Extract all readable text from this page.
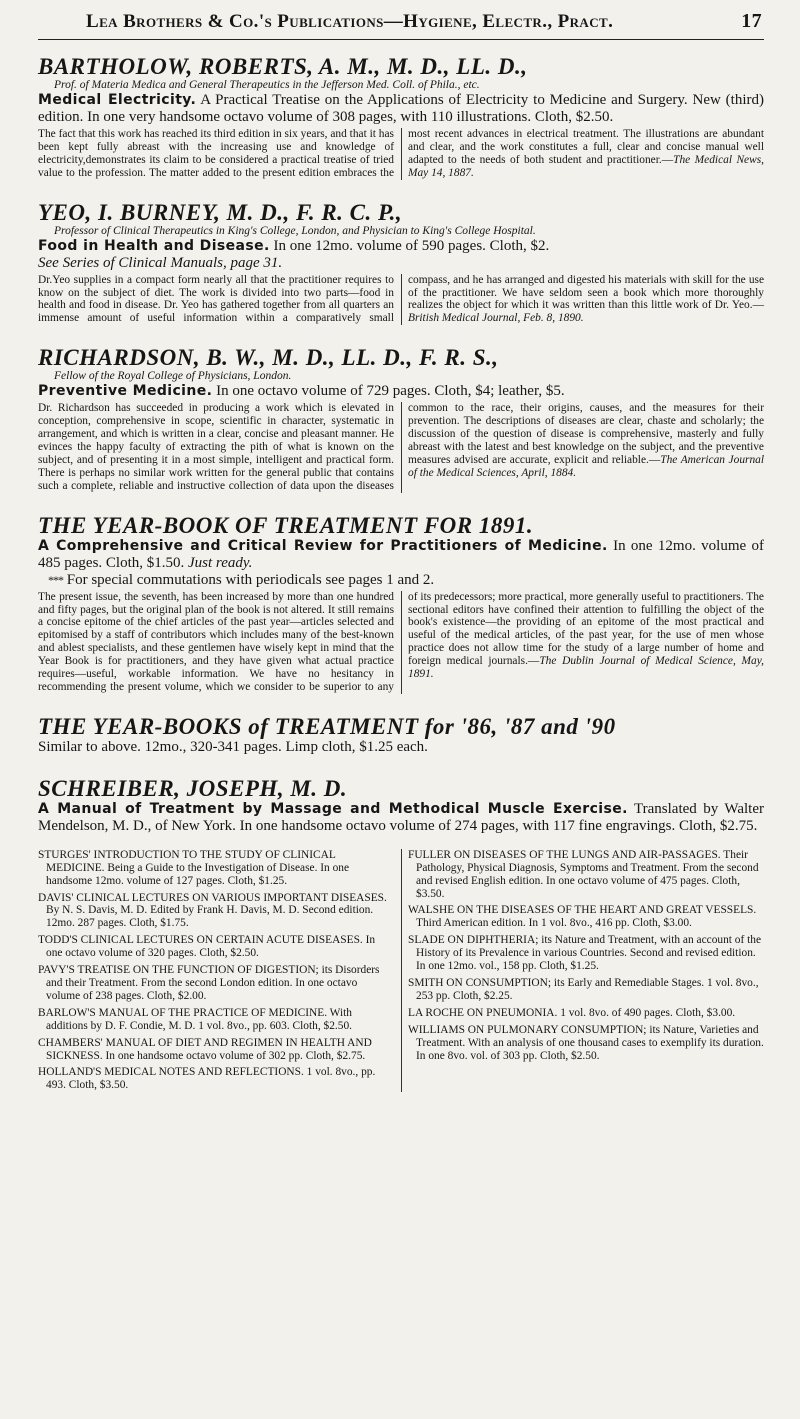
Lea Brothers & Co.'s Publications—Hygiene, Electr., Pract.	17
BARTHOLOW, ROBERTS, A. M., M. D., LL. D.,
Prof. of Materia Medica and General Therapeutics in the Jefferson Med. Coll. of Phila., etc.
Medical Electricity. A Practical Treatise on the Applications of Electricity to Medicine and Surgery. New (third) edition. In one very handsome octavo volume of 308 pages, with 110 illustrations. Cloth, $2.50.
The fact that this work has reached its third edition in six years, and that it has been kept fully abreast with the increasing use and knowledge of electricity,demonstrates its claim to be considered a practical treatise of tried value to the profession. The matter added to the present edition embraces the most recent advances in electrical treatment. The illustrations are abundant and clear, and the work constitutes a full, clear and concise manual well adapted to the needs of both student and practitioner.—The Medical News, May 14, 1887.
YEO, I. BURNEY, M. D., F. R. C. P.,
Professor of Clinical Therapeutics in King's College, London, and Physician to King's College Hospital.
Food in Health and Disease. In one 12mo. volume of 590 pages. Cloth, $2.
See Series of Clinical Manuals, page 31.
Dr.Yeo supplies in a compact form nearly all that the practitioner requires to know on the subject of diet. The work is divided into two parts—food in health and food in disease. Dr. Yeo has gathered together from all quarters an immense amount of useful information within a comparatively small compass, and he has arranged and digested his materials with skill for the use of the practitioner. We have seldom seen a book which more thoroughly realizes the object for which it was written than this little work of Dr. Yeo.—British Medical Journal, Feb. 8, 1890.
RICHARDSON, B. W., M. D., LL. D., F. R. S.,
Fellow of the Royal College of Physicians, London.
Preventive Medicine. In one octavo volume of 729 pages. Cloth, $4; leather, $5.
Dr. Richardson has succeeded in producing a work which is elevated in conception, comprehensive in scope, scientific in character, systematic in arrangement, and which is written in a clear, concise and pleasant manner. He evinces the happy faculty of extracting the pith of what is known on the subject, and of presenting it in a most simple, intelligent and practical form. There is perhaps no similar work written for the general public that contains such a complete, reliable and instructive collection of data upon the diseases common to the race, their origins, causes, and the measures for their prevention. The descriptions of diseases are clear, chaste and scholarly; the discussion of the question of disease is comprehensive, masterly and fully abreast with the latest and best knowledge on the subject, and the preventive measures advised are accurate, explicit and reliable.—The American Journal of the Medical Sciences, April, 1884.
THE YEAR-BOOK OF TREATMENT FOR 1891.
A Comprehensive and Critical Review for Practitioners of Medicine. In one 12mo. volume of 485 pages. Cloth, $1.50. Just ready.
*** For special commutations with periodicals see pages 1 and 2.
The present issue, the seventh, has been increased by more than one hundred and fifty pages, but the original plan of the book is not altered. It still remains a concise epitome of the chief articles of the past year—articles selected and epitomised by a staff of contributors which includes many of the best-known and ablest specialists, and these gentlemen have wisely kept in mind that the Year Book is for practitioners, and they have given what actual practice requires—useful, workable information. We have no hesitancy in recommending the present volume, which we consider to be superior to any of its predecessors; more practical, more generally useful to practitioners. The sectional editors have confined their attention to fulfilling the object of the book's existence—the providing of an epitome of the most practical and useful of the medical articles, of the past year, for the use of men whose practice does not allow time for the study of a large number of home and foreign medical journals.—The Dublin Journal of Medical Science, May, 1891.
THE YEAR-BOOKS of TREATMENT for '86, '87 and '90
Similar to above. 12mo., 320-341 pages. Limp cloth, $1.25 each.
SCHREIBER, JOSEPH, M. D.
A Manual of Treatment by Massage and Methodical Muscle Exercise. Translated by Walter Mendelson, M. D., of New York. In one handsome octavo volume of 274 pages, with 117 fine engravings. Cloth, $2.75.

STURGES' INTRODUCTION TO THE STUDY OF CLINICAL MEDICINE. Being a Guide to the Investigation of Disease. In one handsome 12mo. volume of 127 pages. Cloth, $1.25.

DAVIS' CLINICAL LECTURES ON VARIOUS IMPORTANT DISEASES. By N. S. Davis, M. D. Edited by Frank H. Davis, M. D. Second edition. 12mo. 287 pages. Cloth, $1.75.

TODD'S CLINICAL LECTURES ON CERTAIN ACUTE DISEASES. In one octavo volume of 320 pages. Cloth, $2.50.

PAVY'S TREATISE ON THE FUNCTION OF DIGESTION; its Disorders and their Treatment. From the second London edition. In one octavo volume of 238 pages. Cloth, $2.00.

BARLOW'S MANUAL OF THE PRACTICE OF MEDICINE. With additions by D. F. Condie, M. D. 1 vol. 8vo., pp. 603. Cloth, $2.50.

CHAMBERS' MANUAL OF DIET AND REGIMEN IN HEALTH AND SICKNESS. In one handsome octavo volume of 302 pp. Cloth, $2.75.

HOLLAND'S MEDICAL NOTES AND REFLECTIONS. 1 vol. 8vo., pp. 493. Cloth, $3.50.

FULLER ON DISEASES OF THE LUNGS AND AIR-PASSAGES. Their Pathology, Physical Diagnosis, Symptoms and Treatment. From the second and revised English edition. In one octavo volume of 475 pages. Cloth, $3.50.

WALSHE ON THE DISEASES OF THE HEART AND GREAT VESSELS. Third American edition. In 1 vol. 8vo., 416 pp. Cloth, $3.00.

SLADE ON DIPHTHERIA; its Nature and Treatment, with an account of the History of its Prevalence in various Countries. Second and revised edition. In one 12mo. vol., 158 pp. Cloth, $1.25.

SMITH ON CONSUMPTION; its Early and Remediable Stages. 1 vol. 8vo., 253 pp. Cloth, $2.25.

LA ROCHE ON PNEUMONIA. 1 vol. 8vo. of 490 pages. Cloth, $3.00.

WILLIAMS ON PULMONARY CONSUMPTION; its Nature, Varieties and Treatment. With an analysis of one thousand cases to exemplify its duration. In one 8vo. vol. of 303 pp. Cloth, $2.50.
